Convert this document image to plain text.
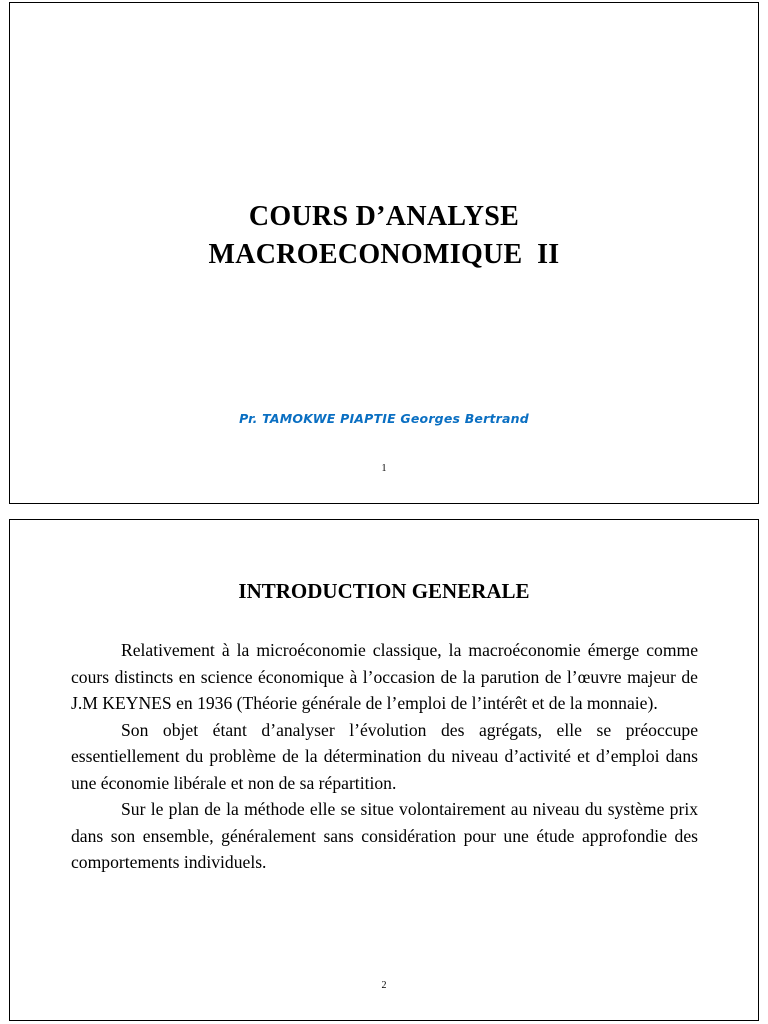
COURS D’ANALYSE
MACROECONOMIQUE  II
Pr. TAMOKWE PIAPTIE Georges Bertrand
1
INTRODUCTION GENERALE

Relativement à la microéconomie classique, la macroéconomie émerge comme cours distincts en science économique à l’occasion de la parution de l’œuvre majeur de J.M KEYNES en 1936 (Théorie générale de l’emploi de l’intérêt et de la monnaie).

Son objet étant d’analyser l’évolution des agrégats, elle se préoccupe essentiellement du problème de la détermination du niveau d’activité et d’emploi dans une économie libérale et non de sa répartition.

Sur le plan de la méthode elle se situe volontairement au niveau du système prix dans son ensemble, généralement sans considération pour une étude approfondie des comportements individuels.

2
